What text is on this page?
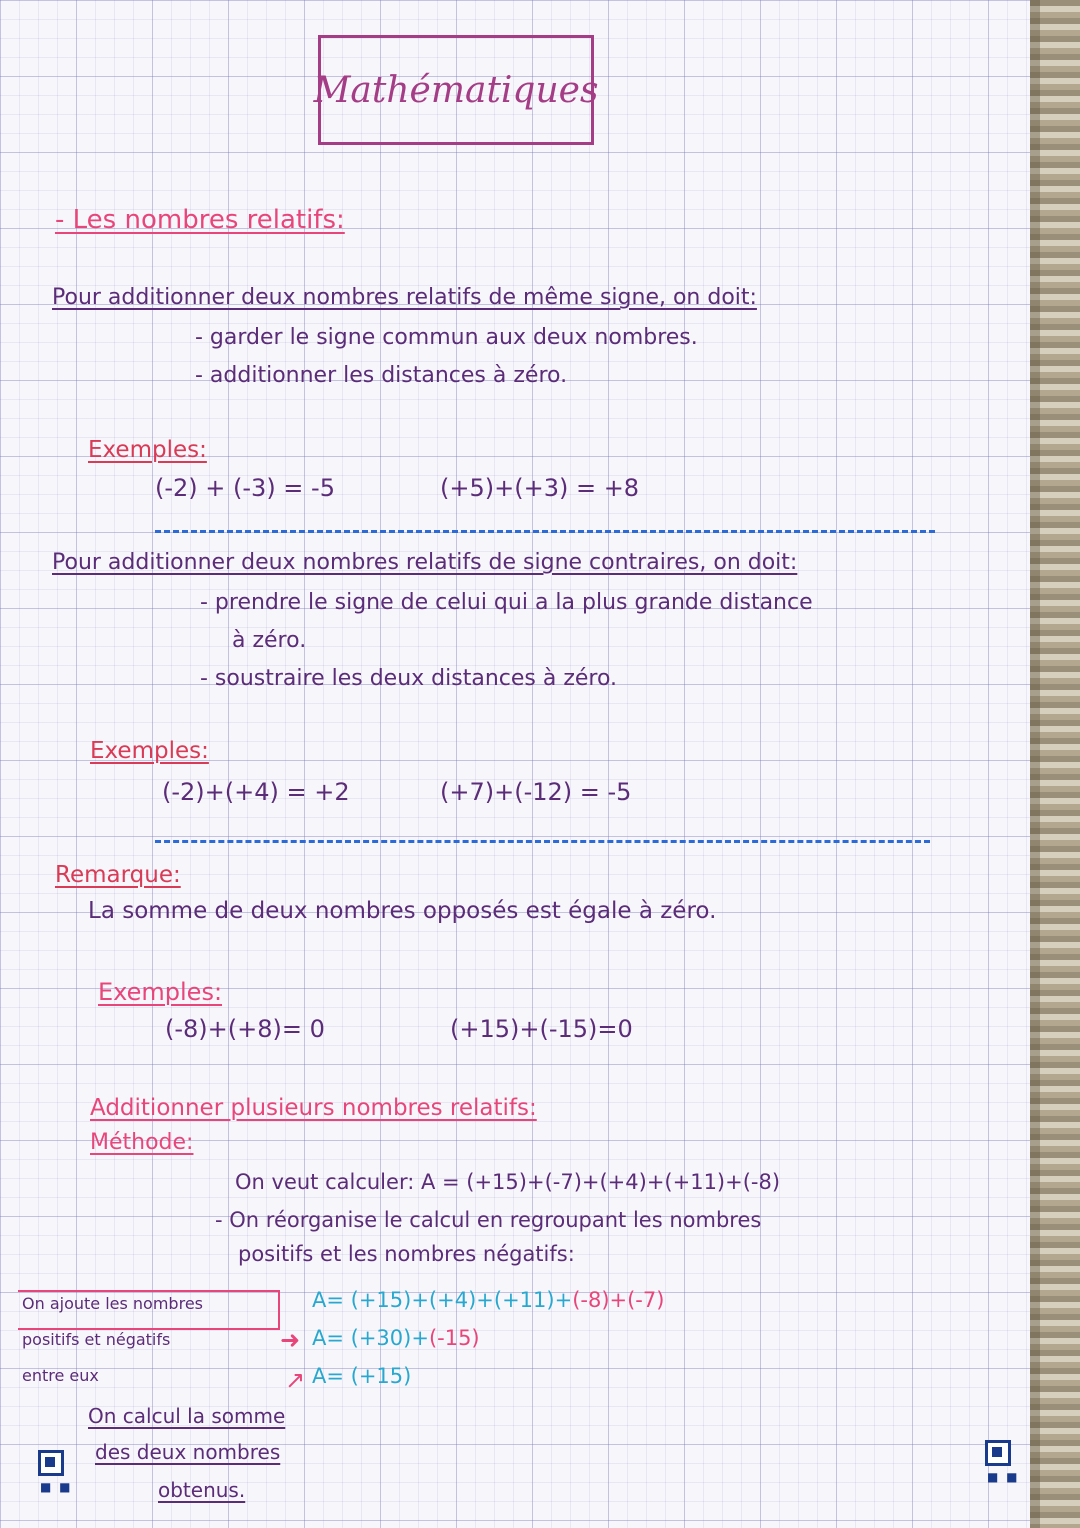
Mathématiques
- Les nombres relatifs:
Pour additionner deux nombres relatifs de même signe, on doit:
- garder le signe commun aux deux nombres.
- additionner les distances à zéro.
Exemples:
(-2) + (-3) = -5	(+5)+(+3) = +8
Pour additionner deux nombres relatifs de signe contraires, on doit:
- prendre le signe de celui qui a la plus grande distance
à zéro.
- soustraire les deux distances à zéro.
Exemples:
(-2)+(+4) = +2	(+7)+(-12) = -5
Remarque:
La somme de deux nombres opposés est égale à zéro.
Exemples:
(-8)+(+8)= 0	(+15)+(-15)=0
Additionner plusieurs nombres relatifs:
Méthode:
On veut calculer: A = (+15)+(-7)+(+4)+(+11)+(-8)
- On réorganise le calcul en regroupant les nombres
positifs et les nombres négatifs:
A= (+15)+(+4)+(+11)+(-8)+(-7)
A= (+30)+(-15)
A= (+15)
On ajoute les nombres
positifs et négatifs
entre eux
➜
↗
On calcul la somme
des deux nombres
obtenus.
■ ■
■ ■
